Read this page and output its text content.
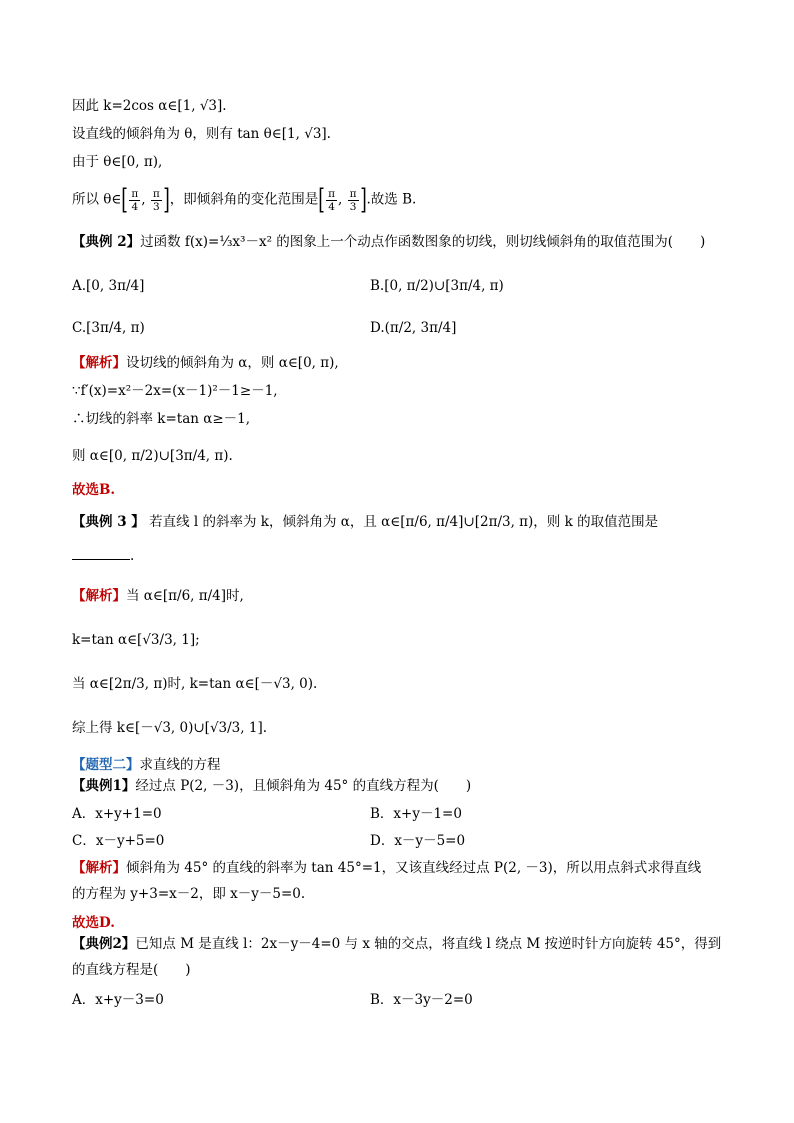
因此 k=2cos α∈[1, √3].
设直线的倾斜角为 θ，则有 tan θ∈[1, √3].
由于 θ∈[0, π),
所以 θ∈[ $\frac{\pi}{4}$ , $\frac{\pi}{3}$ ]，即倾斜角的变化范围是[ $\frac{\pi}{4}$ , $\frac{\pi}{3}$ ].故选 B.
【典例 2】过函数 f(x)=⅓x³－x² 的图象上一个动点作函数图象的切线，则切线倾斜角的取值范围为(　　)
A.[0, 3π/4]	B.[0, π/2)∪[3π/4, π)
C.[3π/4, π)	D.(π/2, 3π/4]
【解析】设切线的倾斜角为 α，则 α∈[0, π),
∵f′(x)=x²－2x=(x－1)²－1≥－1,
∴切线的斜率 k=tan α≥－1,
则 α∈[0, π/2)∪[3π/4, π).
故选B.
【典例 3 】 若直线 l 的斜率为 k，倾斜角为 α，且 α∈[π/6, π/4]∪[2π/3, π)，则 k 的取值范围是
.
【解析】当 α∈[π/6, π/4]时,
k=tan α∈[√3/3, 1];
当 α∈[2π/3, π)时, k=tan α∈[－√3, 0).
综上得 k∈[－√3, 0)∪[√3/3, 1].
【题型二】求直线的方程
【典例1】经过点 P(2, －3)，且倾斜角为 45° 的直线方程为(　　)
A．x+y+1=0	B．x+y－1=0
C．x－y+5=0	D．x－y－5=0
【解析】倾斜角为 45° 的直线的斜率为 tan 45°=1，又该直线经过点 P(2, －3)，所以用点斜式求得直线
的方程为 y+3=x－2，即 x－y－5=0.
故选D.
【典例2】已知点 M 是直线 l：2x－y－4=0 与 x 轴的交点，将直线 l 绕点 M 按逆时针方向旋转 45°，得到
的直线方程是(　　)
A．x+y－3=0	B．x－3y－2=0
